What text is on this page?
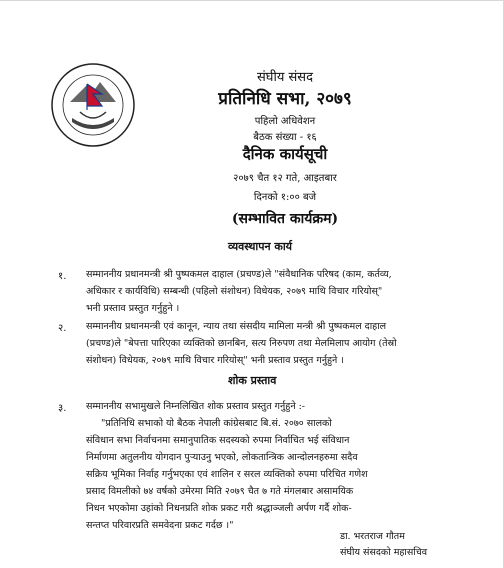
संघीय संसद
प्रतिनिधि सभा, २०७९
पहिलो अधिवेशन
बैठक संख्या - १६
दैनिक कार्यसूची
२०७९ चैत १२ गते, आइतबार
दिनको १:०० बजे
(सम्भावित कार्यक्रम)
व्यवस्थापन कार्य
१. सम्माननीय प्रधानमन्त्री श्री पुष्पकमल दाहाल (प्रचण्ड)ले "संवैधानिक परिषद (काम, कर्तव्य,
अधिकार र कार्यविधि) सम्बन्धी (पहिलो संशोधन) विधेयक, २०७९ माथि विचार गरियोस्"
भनी प्रस्ताव प्रस्तुत गर्नुहुने ।
२. सम्माननीय प्रधानमन्त्री एवं कानून, न्याय तथा संसदीय मामिला मन्त्री श्री पुष्पकमल दाहाल
(प्रचण्ड)ले "बेपत्ता पारिएका व्यक्तिको छानबिन, सत्य निरुपण तथा मेलमिलाप आयोग (तेस्रो
संशोधन) विधेयक, २०७९ माथि विचार गरियोस्" भनी प्रस्ताव प्रस्तुत गर्नुहुने ।
शोक प्रस्ताव
३. सम्माननीय सभामुखले निम्नलिखित शोक प्रस्ताव प्रस्तुत गर्नुहुने :-
"प्रतिनिधि सभाको यो बैठक नेपाली कांग्रेसबाट बि.सं. २०७० सालको
संविधान सभा निर्वाचनमा समानुपातिक सदस्यको रुपमा निर्वाचित भई संविधान
निर्माणमा अतुलनीय योगदान पुऱ्याउनु भएको, लोकतान्त्रिक आन्दोलनहरुमा सदैव
सक्रिय भूमिका निर्वाह गर्नुभएका एवं शालिन र सरल व्यक्तिको रुपमा परिचित गणेश
प्रसाद विमलीको ७४ वर्षको उमेरमा मिति २०७९ चैत ७ गते मंगलबार असामयिक
निधन भएकोमा उहांको निधनप्रति शोक प्रकट गरी श्रद्धाञ्जली अर्पण गर्दै शोक-
सन्तप्त परिवारप्रति समवेदना प्रकट गर्दछ ।"
डा. भरतराज गौतम
संघीय संसदको महासचिव
